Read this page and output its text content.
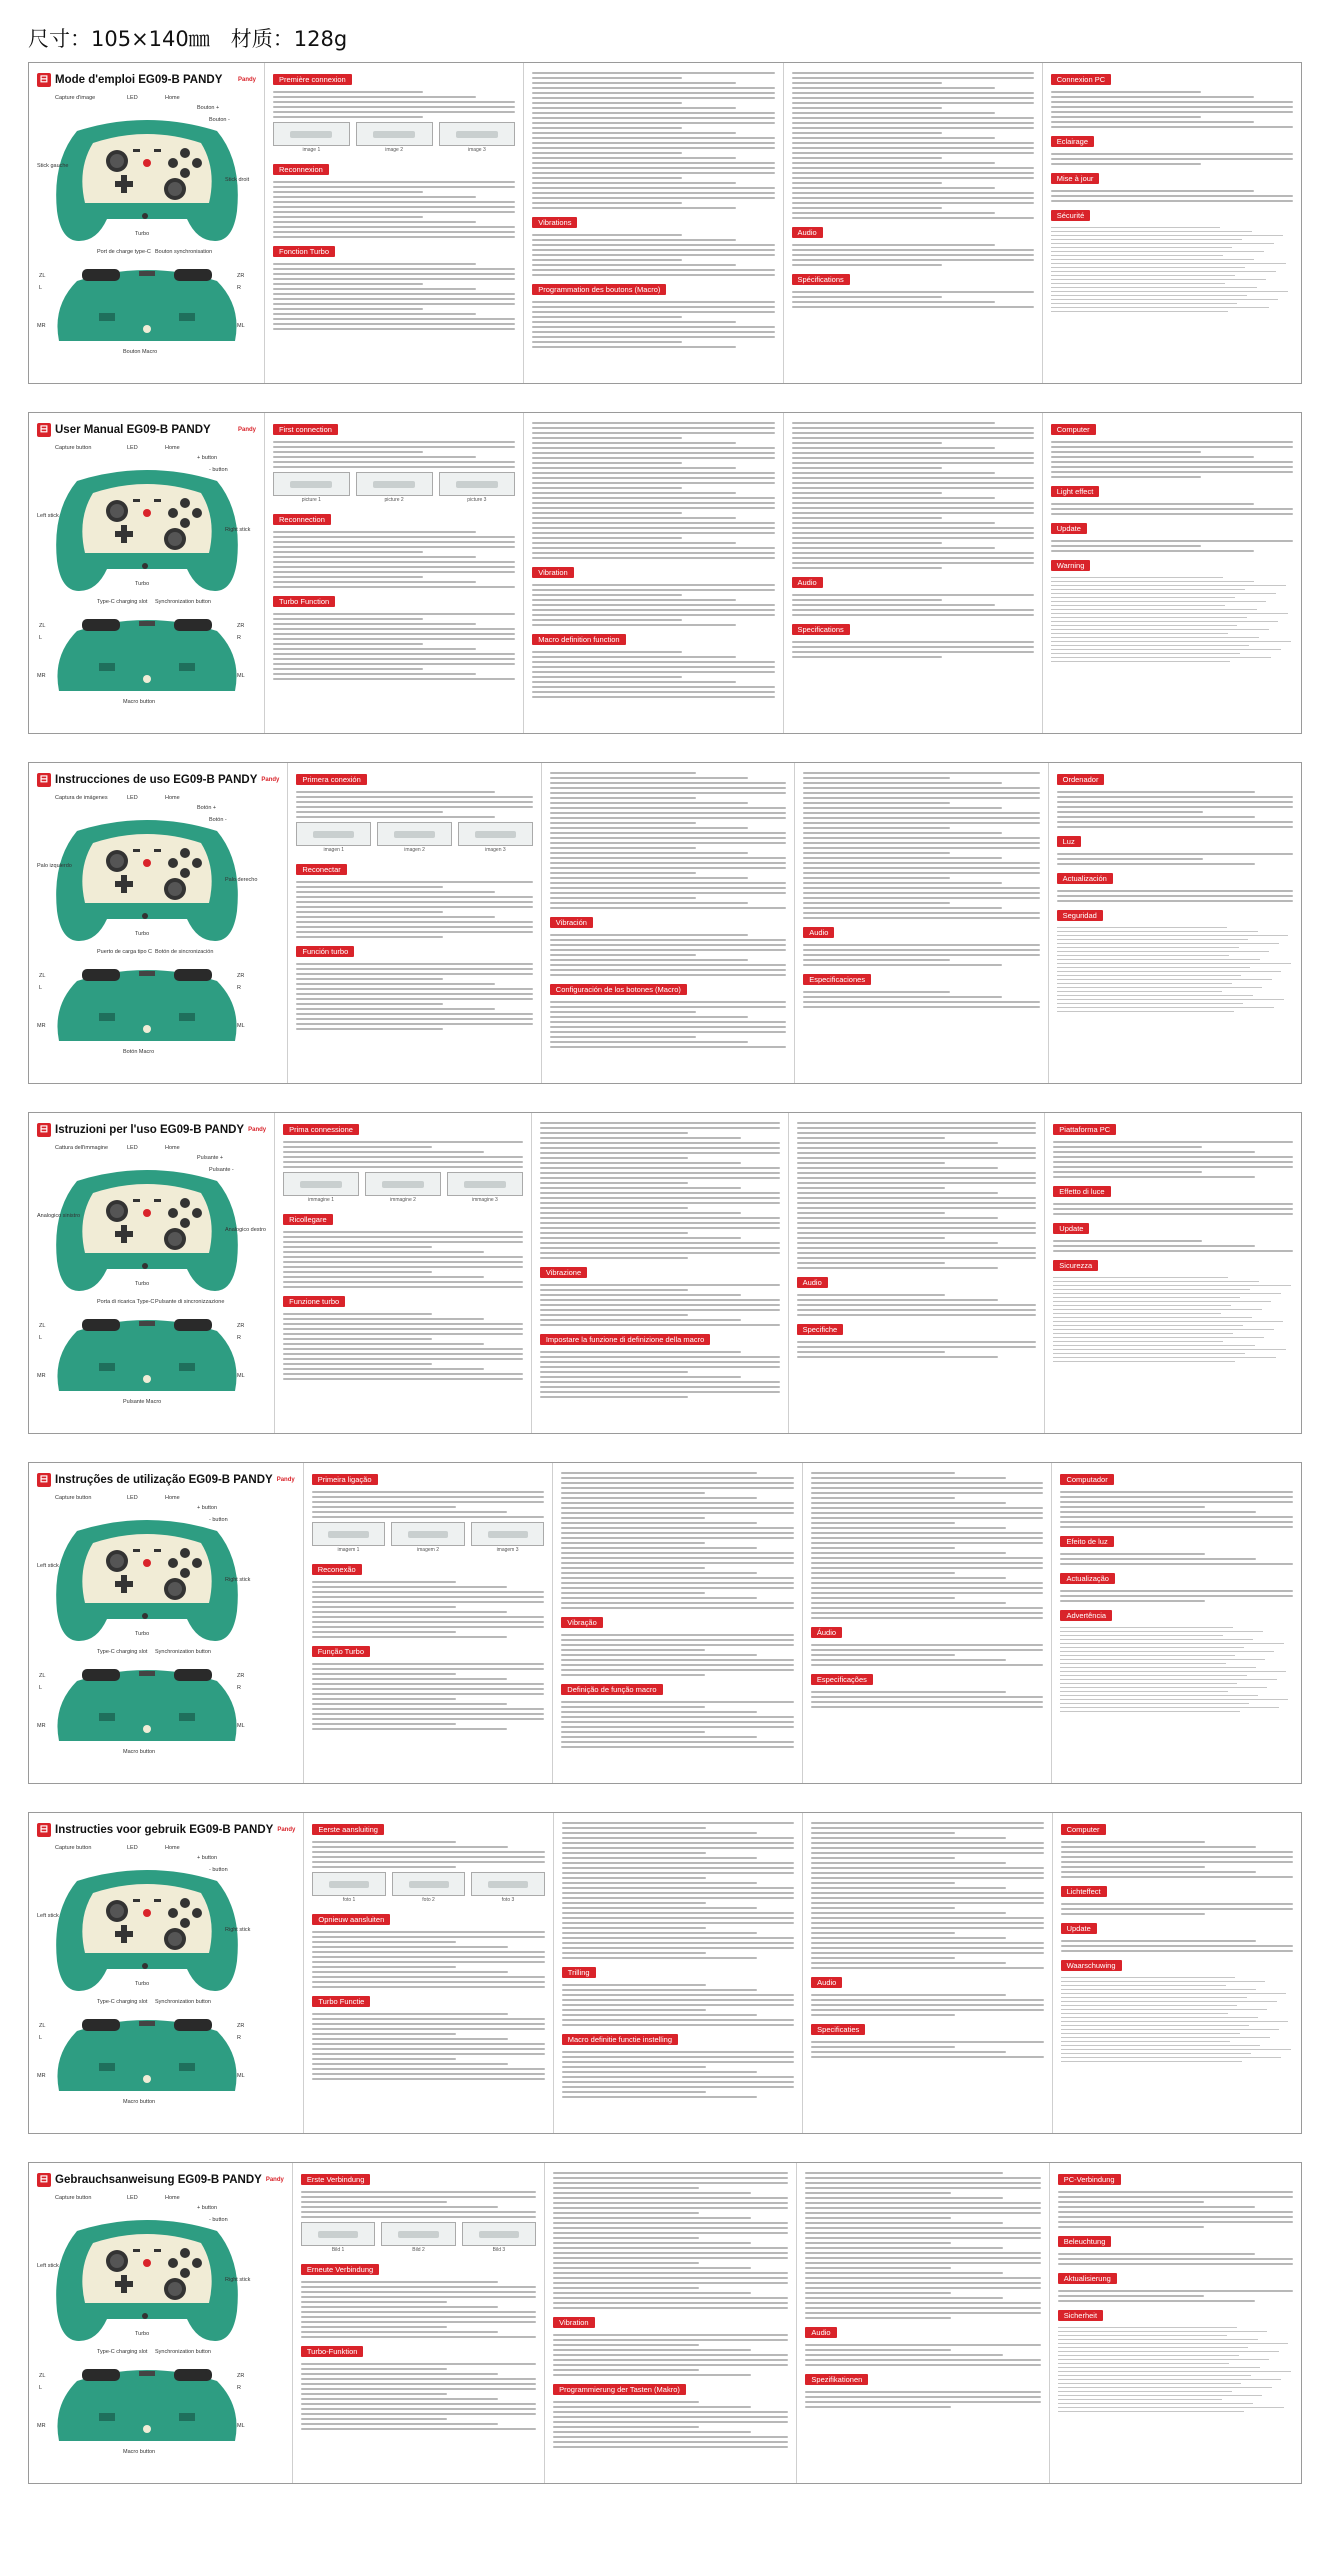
尺寸：105×140㎜　材质：128g
⊟ Mode d'emploi EG09-B PANDY	Pandy
Capture d'image	LED	Home
Bouton +
Bouton -
Stick gauche
Stick droit
Turbo
ZL
L
ZR
R
Port de charge type-C Bouton synchronisation
Bouton Macro
MR	ML
Première connexion
image 1	image 2	image 3
Reconnexion
Fonction Turbo
Vibrations
Programmation des boutons (Macro)
Audio
Spécifications
Connexion PC
Eclairage
Mise à jour
Sécurité
⊟ User Manual EG09-B PANDY	Pandy
Capture button	LED	Home
+ button
- button
Left stick
Right stick
Turbo
ZL
L
ZR
R
Type-C charging slot Synchronization button
Macro button
MR	ML
First connection
picture 1	picture 2	picture 3
Reconnection
Turbo Function
Vibration
Macro definition function
Audio
Specifications
Computer
Light effect
Update
Warning
⊟ Instrucciones de uso EG09-B PANDY Pandy
Captura de imágenes	LED	Home
Botón +
Botón -
Palo izquierdo
Palo derecho
Turbo
ZL
L
ZR
R
Puerto de carga tipo C Botón de sincronización
Botón Macro
MR	ML
Primera conexión
imagen 1	imagen 2	imagen 3
Reconectar
Función turbo
Vibración
Configuración de los botones (Macro)
Audio
Especificaciones
Ordenador
Luz
Actualización
Seguridad
⊟ Istruzioni per l'uso EG09-B PANDY Pandy
Cattura dell'immagine	LED	Home
Pulsante +
Pulsante -
Analogico sinistro
Analogico destro
Turbo
ZL
L
ZR
R
Porta di ricarica Type-C Pulsante di sincronizzazione
Pulsante Macro
MR	ML
Prima connessione
immagine 1	immagine 2	immagine 3
Ricollegare
Funzione turbo
Vibrazione
Impostare la funzione di definizione della macro
Audio
Specifiche
Piattaforma PC
Effetto di luce
Update
Sicurezza
⊟ Instruções de utilização EG09-B PANDY Pandy
Capture button	LED	Home
+ button
- button
Left stick
Right stick
Turbo
ZL
L
ZR
R
Type-C charging slot Synchronization button
Macro button
MR	ML
Primeira ligação
imagem 1	imagem 2	imagem 3
Reconexão
Função Turbo
Vibração
Definição de função macro
Áudio
Especificações
Computador
Efeito de luz
Actualização
Advertência
⊟ Instructies voor gebruik EG09-B PANDY Pandy
Capture button	LED	Home
+ button
- button
Left stick
Right stick
Turbo
ZL
L
ZR
R
Type-C charging slot Synchronization button
Macro button
MR	ML
Eerste aansluiting
foto 1	foto 2	foto 3
Opnieuw aansluiten
Turbo Functie
Trilling
Macro definitie functie instelling
Audio
Specificaties
Computer
Lichteffect
Update
Waarschuwing
⊟ Gebrauchsanweisung EG09-B PANDY Pandy
Capture button	LED	Home
+ button
- button
Left stick
Right stick
Turbo
ZL
L
ZR
R
Type-C charging slot Synchronization button
Macro button
MR	ML
Erste Verbindung
Bild 1	Bild 2	Bild 3
Erneute Verbindung
Turbo-Funktion
Vibration
Programmierung der Tasten (Makro)
Audio
Spezifikationen
PC-Verbindung
Beleuchtung
Aktualisierung
Sicherheit
